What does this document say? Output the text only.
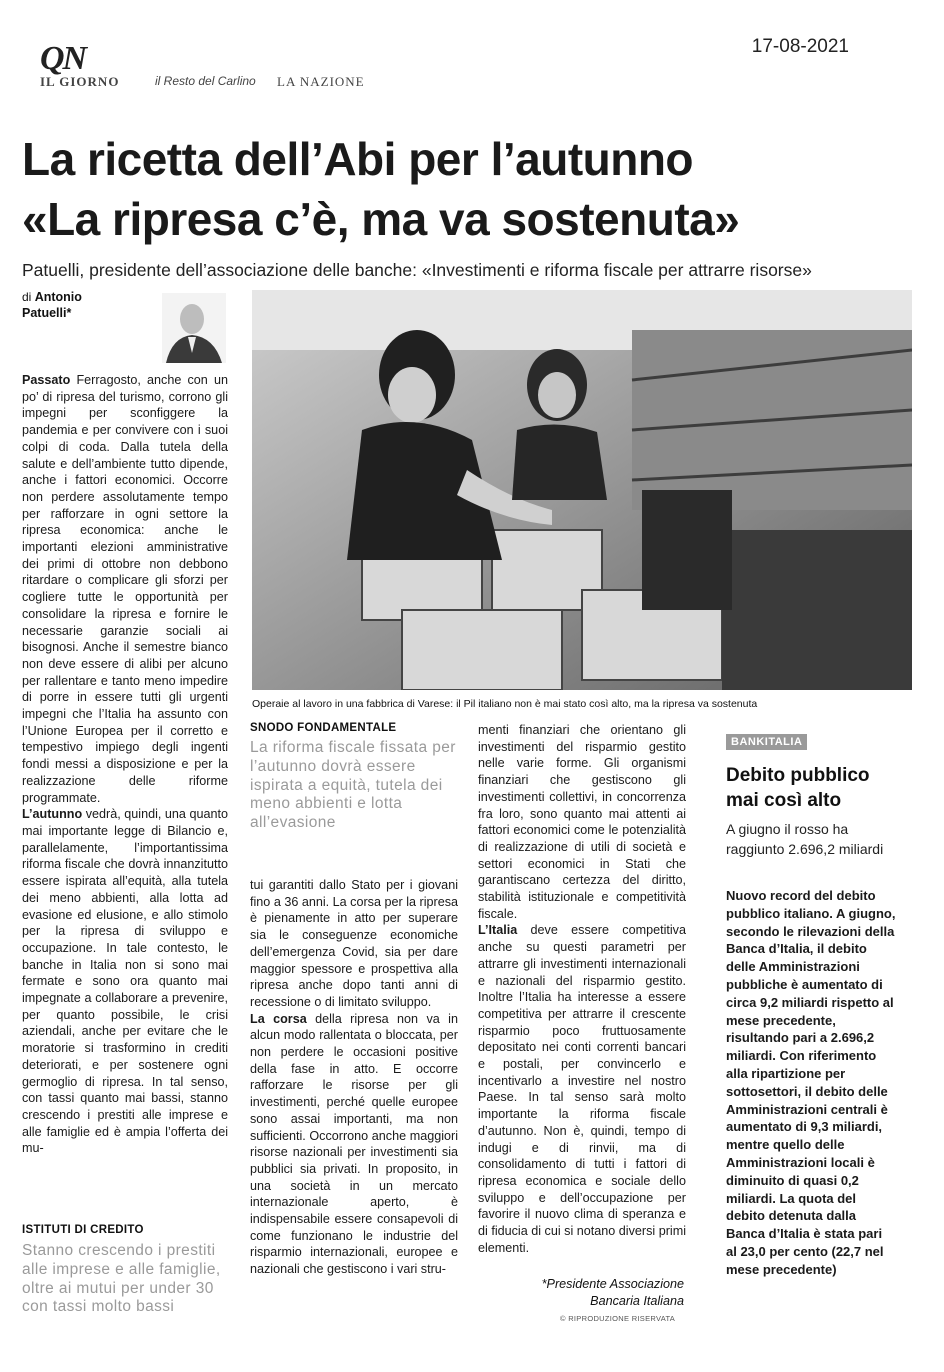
QN	17-08-2021
IL GIORNO	il Resto del Carlino LA NAZIONE
La ricetta dell’Abi per l’autunno
«La ripresa c’è, ma va sostenuta»
Patuelli, presidente dell’associazione delle banche: «Investimenti e riforma fiscale per attrarre risorse»
di Antonio
Patuelli*
Operaie al lavoro in una fabbrica di Varese: il Pil italiano non è mai stato così alto, ma la ripresa va sostenuta

Passato Ferragosto, anche con un po’ di ripresa del turismo, corrono gli impegni per sconfiggere la pandemia e per convivere con i suoi colpi di coda. Dalla tutela della salute e dell’ambiente tutto dipende, anche i fattori economici. Occorre non perdere assolutamente tempo per rafforzare in ogni settore la ripresa economica: anche le importanti elezioni amministrative dei primi di ottobre non debbono ritardare o complicare gli sforzi per cogliere tutte le opportunità per consolidare la ripresa e fornire le necessarie garanzie sociali ai bisognosi. Anche il semestre bianco non deve essere di alibi per alcuno per rallentare e tanto meno impedire di porre in essere tutti gli urgenti impegni che l’Italia ha assunto con l’Unione Europea per il corretto e tempestivo impiego degli ingenti fondi messi a disposizione e per la realizzazione delle riforme programmate.

L’autunno vedrà, quindi, una quanto mai importante legge di Bilancio e, parallelamente, l’importantissima riforma fiscale che dovrà innanzitutto essere ispirata all’equità, alla tutela dei meno abbienti, alla lotta ad evasione ed elusione, e allo stimolo per la ripresa di sviluppo e occupazione. In tale contesto, le banche in Italia non si sono mai fermate e sono ora quanto mai impegnate a collaborare a prevenire, per quanto possibile, le crisi aziendali, anche per evitare che le moratorie si trasformino in crediti deteriorati, e per sostenere ogni germoglio di ripresa. In tal senso, con tassi quanto mai bassi, stanno crescendo i prestiti alle imprese e alle famiglie ed è ampia l’offerta dei mu-

ISTITUTI DI CREDITO
Stanno crescendo i prestiti alle imprese e alle famiglie, oltre ai mutui per under 30 con tassi molto bassi
SNODO FONDAMENTALE
La riforma fiscale fissata per l’autunno dovrà essere ispirata a equità, tutela dei meno abbienti e lotta all’evasione

tui garantiti dallo Stato per i giovani fino a 36 anni. La corsa per la ripresa è pienamente in atto per superare sia le conseguenze economiche dell’emergenza Covid, sia per dare maggior spessore e prospettiva alla ripresa anche dopo tanti anni di recessione o di limitato sviluppo.

La corsa della ripresa non va in alcun modo rallentata o bloccata, per non perdere le occasioni positive della fase in atto. E occorre rafforzare le risorse per gli investimenti, perché quelle europee sono assai importanti, ma non sufficienti. Occorrono anche maggiori risorse nazionali per investimenti sia pubblici sia privati. In proposito, in una società in un mercato internazionale aperto, è indispensabile essere consapevoli di come funzionano le industrie del risparmio internazionali, europee e nazionali che gestiscono i vari stru-

menti finanziari che orientano gli investimenti del risparmio gestito nelle varie forme. Gli organismi finanziari che gestiscono gli investimenti collettivi, in concorrenza fra loro, sono quanto mai attenti ai fattori economici come le potenzialità di realizzazione di utili di società e settori economici in Stati che garantiscano certezza del diritto, stabilità istituzionale e competitività fiscale.

L’Italia deve essere competitiva anche su questi parametri per attrarre gli investimenti internazionali e nazionali del risparmio gestito. Inoltre l’Italia ha interesse a essere competitiva per attrarre il crescente risparmio poco fruttuosamente depositato nei conti correnti bancari e postali, per convincerlo e incentivarlo a investire nel nostro Paese. In tal senso sarà molto importante la riforma fiscale d’autunno. Non è, quindi, tempo di indugi e di rinvii, ma di consolidamento di tutti i fattori di ripresa economica e sociale dello sviluppo e dell’occupazione per favorire il nuovo clima di speranza e di fiducia di cui si notano diversi primi elementi.

*Presidente Associazione
Bancaria Italiana
© RIPRODUZIONE RISERVATA
BANKITALIA
Debito pubblico mai così alto
A giugno il rosso ha raggiunto 2.696,2 miliardi
Nuovo record del debito pubblico italiano. A giugno, secondo le rilevazioni della Banca d’Italia, il debito delle Amministrazioni pubbliche è aumentato di circa 9,2 miliardi rispetto al mese precedente, risultando pari a 2.696,2 miliardi. Con riferimento alla ripartizione per sottosettori, il debito delle Amministrazioni centrali è aumentato di 9,3 miliardi, mentre quello delle Amministrazioni locali è diminuito di quasi 0,2 miliardi. La quota del debito detenuta dalla Banca d’Italia è stata pari al 23,0 per cento (22,7 nel mese precedente)
